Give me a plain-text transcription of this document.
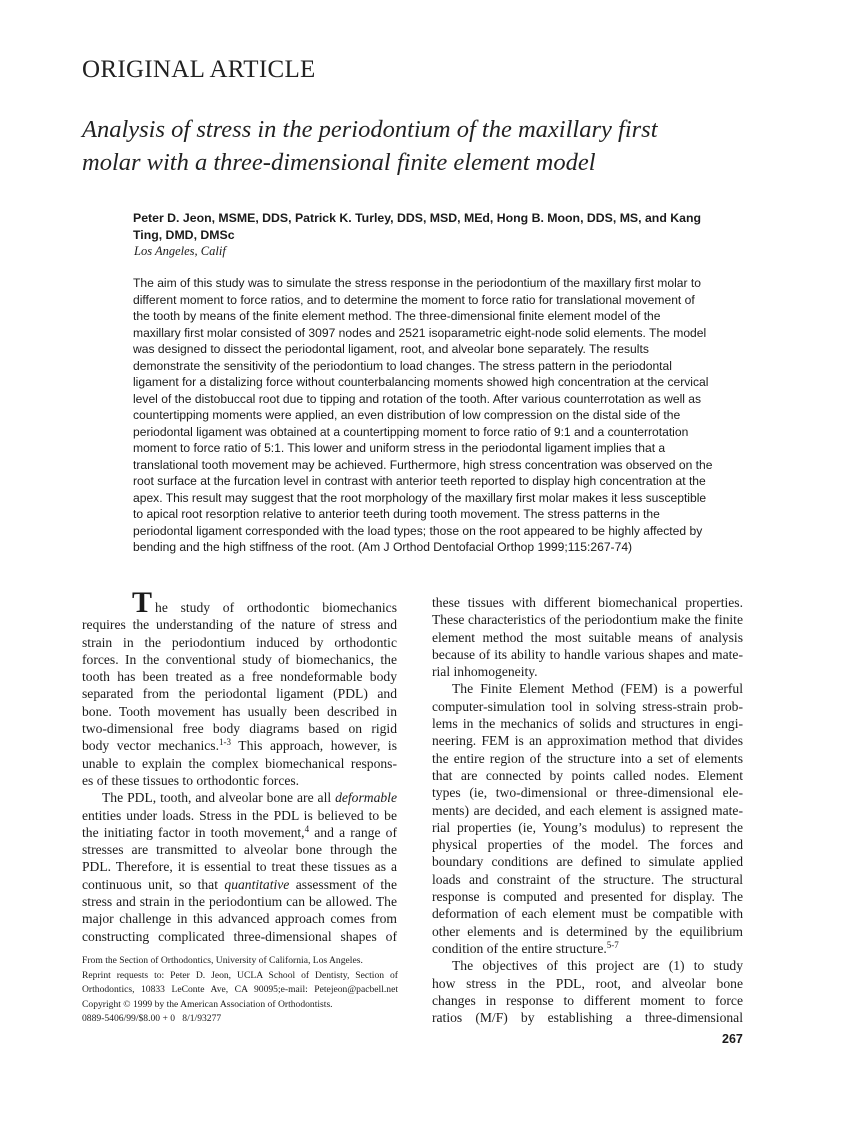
ORIGINAL ARTICLE
Analysis of stress in the periodontium of the maxillary first
molar with a three-dimensional finite element model
Peter D. Jeon, MSME, DDS, Patrick K. Turley, DDS, MSD, MEd, Hong B. Moon, DDS, MS, and Kang
Ting, DMD, DMSc
Los Angeles, Calif
The aim of this study was to simulate the stress response in the periodontium of the maxillary first molar to
different moment to force ratios, and to determine the moment to force ratio for translational movement of
the tooth by means of the finite element method. The three-dimensional finite element model of the
maxillary first molar consisted of 3097 nodes and 2521 isoparametric eight-node solid elements. The model
was designed to dissect the periodontal ligament, root, and alveolar bone separately. The results
demonstrate the sensitivity of the periodontium to load changes. The stress pattern in the periodontal
ligament for a distalizing force without counterbalancing moments showed high concentration at the cervical
level of the distobuccal root due to tipping and rotation of the tooth. After various counterrotation as well as
countertipping moments were applied, an even distribution of low compression on the distal side of the
periodontal ligament was obtained at a countertipping moment to force ratio of 9:1 and a counterrotation
moment to force ratio of 5:1. This lower and uniform stress in the periodontal ligament implies that a
translational tooth movement may be achieved. Furthermore, high stress concentration was observed on the
root surface at the furcation level in contrast with anterior teeth reported to display high concentration at the
apex. This result may suggest that the root morphology of the maxillary first molar makes it less susceptible
to apical root resorption relative to anterior teeth during tooth movement. The stress patterns in the
periodontal ligament corresponded with the load types; those on the root appeared to be highly affected by
bending and the high stiffness of the root. (Am J Orthod Dentofacial Orthop 1999;115:267-74)
The study of orthodontic biomechanics
requires the understanding of the nature of stress and
strain in the periodontium induced by orthodontic
forces. In the conventional study of biomechanics, the
tooth has been treated as a free nondeformable body
separated from the periodontal ligament (PDL) and
bone. Tooth movement has usually been described in
two-dimensional free body diagrams based on rigid
body vector mechanics.$^{1-3}$ This approach, however, is
unable to explain the complex biomechanical respons-
es of these tissues to orthodontic forces.
The PDL, tooth, and alveolar bone are all deformable
entities under loads. Stress in the PDL is believed to be
the initiating factor in tooth movement,$^4$ and a range of
stresses are transmitted to alveolar bone through the
PDL. Therefore, it is essential to treat these tissues as a
continuous unit, so that quantitative assessment of the
stress and strain in the periodontium can be allowed. The
major challenge in this advanced approach comes from
constructing complicated three-dimensional shapes of
these tissues with different biomechanical properties.
These characteristics of the periodontium make the finite
element method the most suitable means of analysis
because of its ability to handle various shapes and mate-
rial inhomogeneity.
The Finite Element Method (FEM) is a powerful
computer-simulation tool in solving stress-strain prob-
lems in the mechanics of solids and structures in engi-
neering. FEM is an approximation method that divides
the entire region of the structure into a set of elements
that are connected by points called nodes. Element
types (ie, two-dimensional or three-dimensional ele-
ments) are decided, and each element is assigned mate-
rial properties (ie, Young’s modulus) to represent the
physical properties of the model. The forces and
boundary conditions are defined to simulate applied
loads and constraint of the structure. The structural
response is computed and presented for display. The
deformation of each element must be compatible with
other elements and is determined by the equilibrium
condition of the entire structure.$^{5-7}$
The objectives of this project are (1) to study
how stress in the PDL, root, and alveolar bone
changes in response to different moment to force
ratios (M/F) by establishing a three-dimensional
From the Section of Orthodontics, University of California, Los Angeles.
Reprint requests to: Peter D. Jeon, UCLA School of Dentisty, Section of
Orthodontics, 10833 LeConte Ave, CA 90095;e-mail: Petejeon@pacbell.net
Copyright © 1999 by the American Association of Orthodontists.
0889-5406/99/$8.00 + 0   8/1/93277
267
